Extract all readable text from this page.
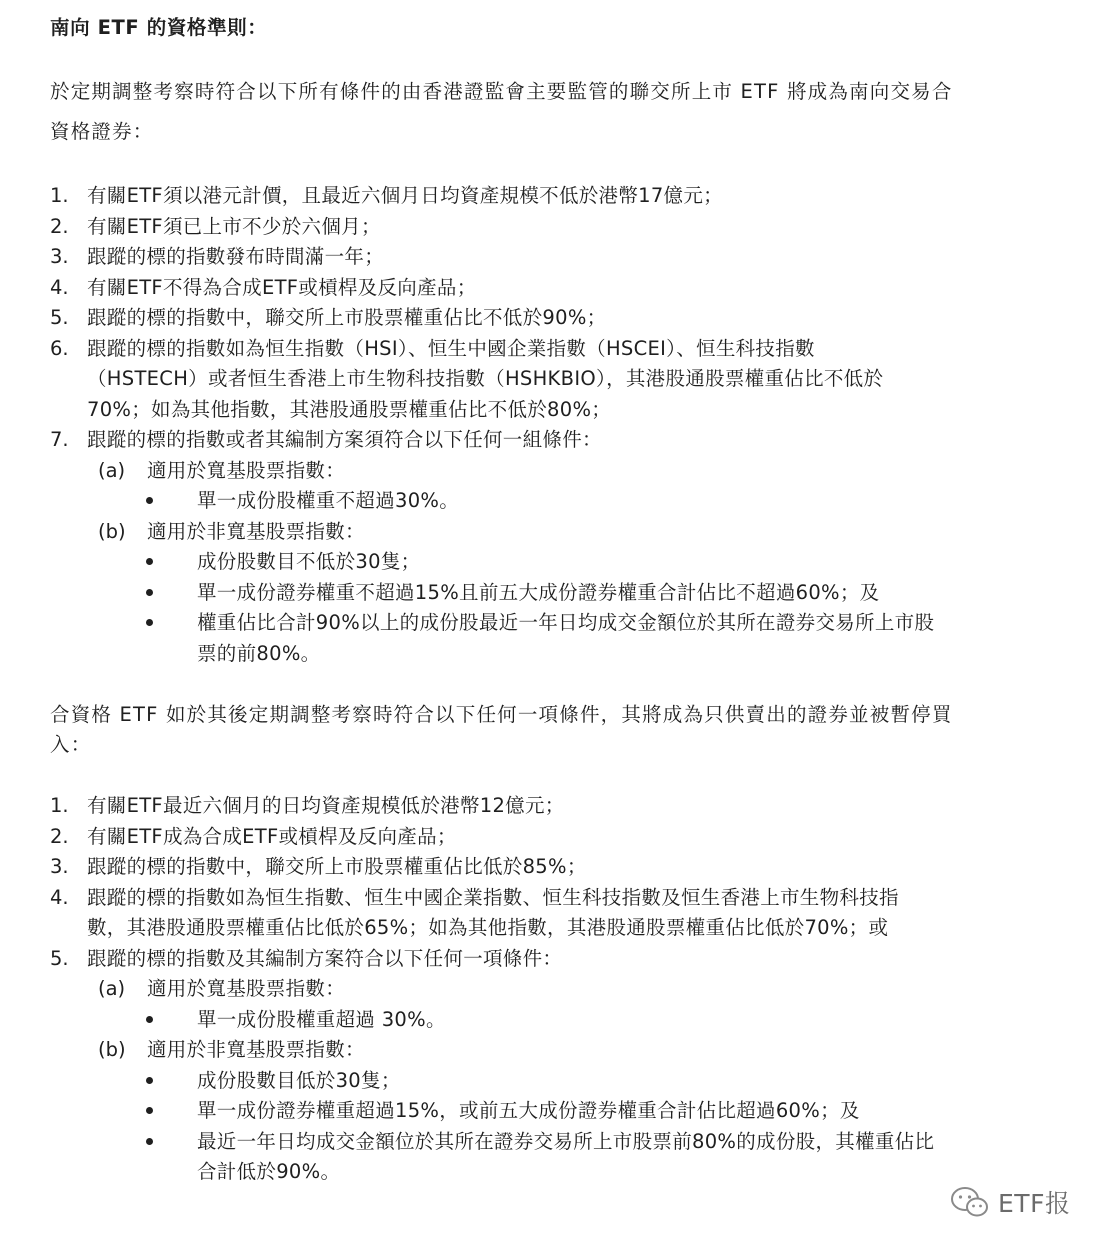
南向 ETF 的資格準則：
於定期調整考察時符合以下所有條件的由香港證監會主要監管的聯交所上市 ETF 將成為南向交易合
資格證券：
1. 有關ETF須以港元計價，且最近六個月日均資產規模不低於港幣17億元；
2. 有關ETF須已上市不少於六個月；
3. 跟蹤的標的指數發布時間滿一年；
4. 有關ETF不得為合成ETF或槓桿及反向產品；
5. 跟蹤的標的指數中，聯交所上市股票權重佔比不低於90%；
6. 跟蹤的標的指數如為恒生指數（HSI）、恒生中國企業指數（HSCEI）、恒生科技指數
（HSTECH）或者恒生香港上市生物科技指數（HSHKBIO），其港股通股票權重佔比不低於
70%；如為其他指數，其港股通股票權重佔比不低於80%；
7. 跟蹤的標的指數或者其編制方案須符合以下任何一組條件：
(a) 適用於寬基股票指數：
單一成份股權重不超過30%。
(b) 適用於非寬基股票指數：
成份股數目不低於30隻；
單一成份證券權重不超過15%且前五大成份證券權重合計佔比不超過60%；及
權重佔比合計90%以上的成份股最近一年日均成交金額位於其所在證券交易所上市股
票的前80%。
合資格 ETF 如於其後定期調整考察時符合以下任何一項條件，其將成為只供賣出的證券並被暫停買
入：
1. 有關ETF最近六個月的日均資產規模低於港幣12億元；
2. 有關ETF成為合成ETF或槓桿及反向產品；
3. 跟蹤的標的指數中，聯交所上市股票權重佔比低於85%；
4. 跟蹤的標的指數如為恒生指數、恒生中國企業指數、恒生科技指數及恒生香港上市生物科技指
數，其港股通股票權重佔比低於65%；如為其他指數，其港股通股票權重佔比低於70%；或
5. 跟蹤的標的指數及其編制方案符合以下任何一項條件：
(a) 適用於寬基股票指數：
單一成份股權重超過 30%。
(b) 適用於非寬基股票指數：
成份股數目低於30隻；
單一成份證券權重超過15%，或前五大成份證券權重合計佔比超過60%；及
最近一年日均成交金額位於其所在證券交易所上市股票前80%的成份股，其權重佔比
合計低於90%。
ETF报
